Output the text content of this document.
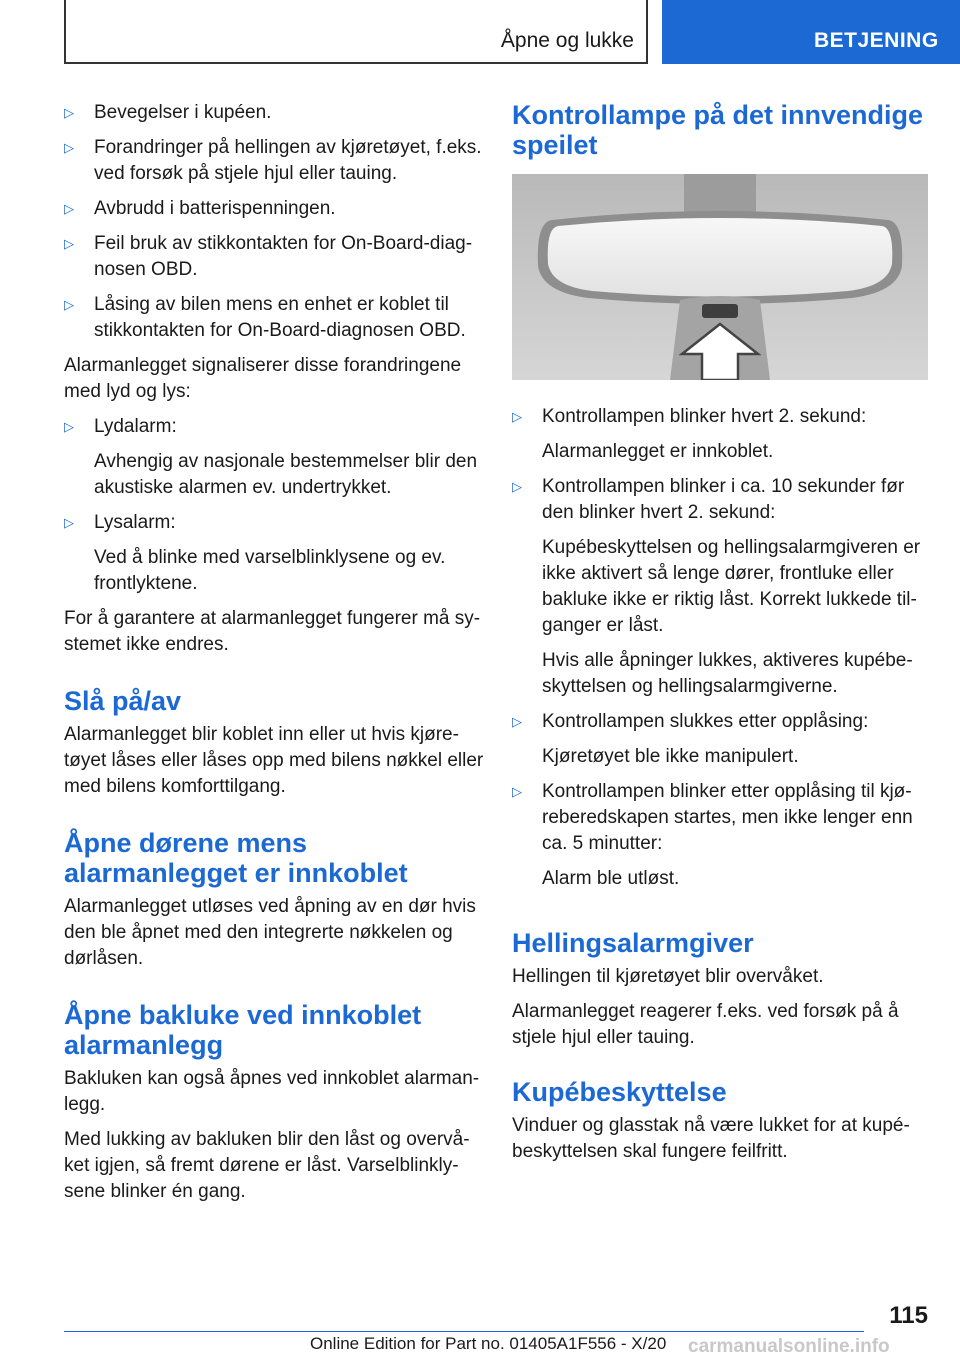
Åpne og lukke	BETJENING
▷	Bevegelser i kupéen.
▷	Forandringer på hellingen av kjøretøyet, f.eks. ved forsøk på stjele hjul eller tauing.
▷	Avbrudd i batterispenningen.
▷	Feil bruk av stikkontakten for On-Board-diagnosen OBD.
▷	Låsing av bilen mens en enhet er koblet til stikkontakten for On-Board-diagnosen OBD.

Alarmanlegget signaliserer disse forandringene med lyd og lys:

▷	Lydalarm:
Avhengig av nasjonale bestemmelser blir den akustiske alarmen ev. undertrykket.
▷	Lysalarm:
Ved å blinke med varselblinklysene og ev. frontlyktene.

For å garantere at alarmanlegget fungerer må systemet ikke endres.

Slå på/av

Alarmanlegget blir koblet inn eller ut hvis kjøretøyet låses eller låses opp med bilens nøkkel eller med bilens komforttilgang.

Åpne dørene mens alarmanlegget er innkoblet

Alarmanlegget utløses ved åpning av en dør hvis den ble åpnet med den integrerte nøkkelen og dørlåsen.

Åpne bakluke ved innkoblet alarmanlegg

Bakluken kan også åpnes ved innkoblet alarmanlegg.

Med lukking av bakluken blir den låst og overvåket igjen, så fremt dørene er låst. Varselblinklysene blinker én gang.

Kontrollampe på det innvendige speilet
▷	Kontrollampen blinker hvert 2. sekund:
Alarmanlegget er innkoblet.
▷	Kontrollampen blinker i ca. 10 sekunder før den blinker hvert 2. sekund:
Kupébeskyttelsen og hellingsalarmgiveren er ikke aktivert så lenge dører, frontluke eller bakluke ikke er riktig låst. Korrekt lukkede tilganger er låst.
Hvis alle åpninger lukkes, aktiveres kupébeskyttelsen og hellingsalarmgiverne.
▷	Kontrollampen slukkes etter opplåsing:
Kjøretøyet ble ikke manipulert.
▷	Kontrollampen blinker etter opplåsing til kjøreberedskapen startes, men ikke lenger enn ca. 5 minutter:
Alarm ble utløst.
Hellingsalarmgiver

Hellingen til kjøretøyet blir overvåket.

Alarmanlegget reagerer f.eks. ved forsøk på å stjele hjul eller tauing.

Kupébeskyttelse

Vinduer og glasstak nå være lukket for at kupébeskyttelsen skal fungere feilfritt.

115
Online Edition for Part no. 01405A1F556 - X/20 carmanualsonline.info
